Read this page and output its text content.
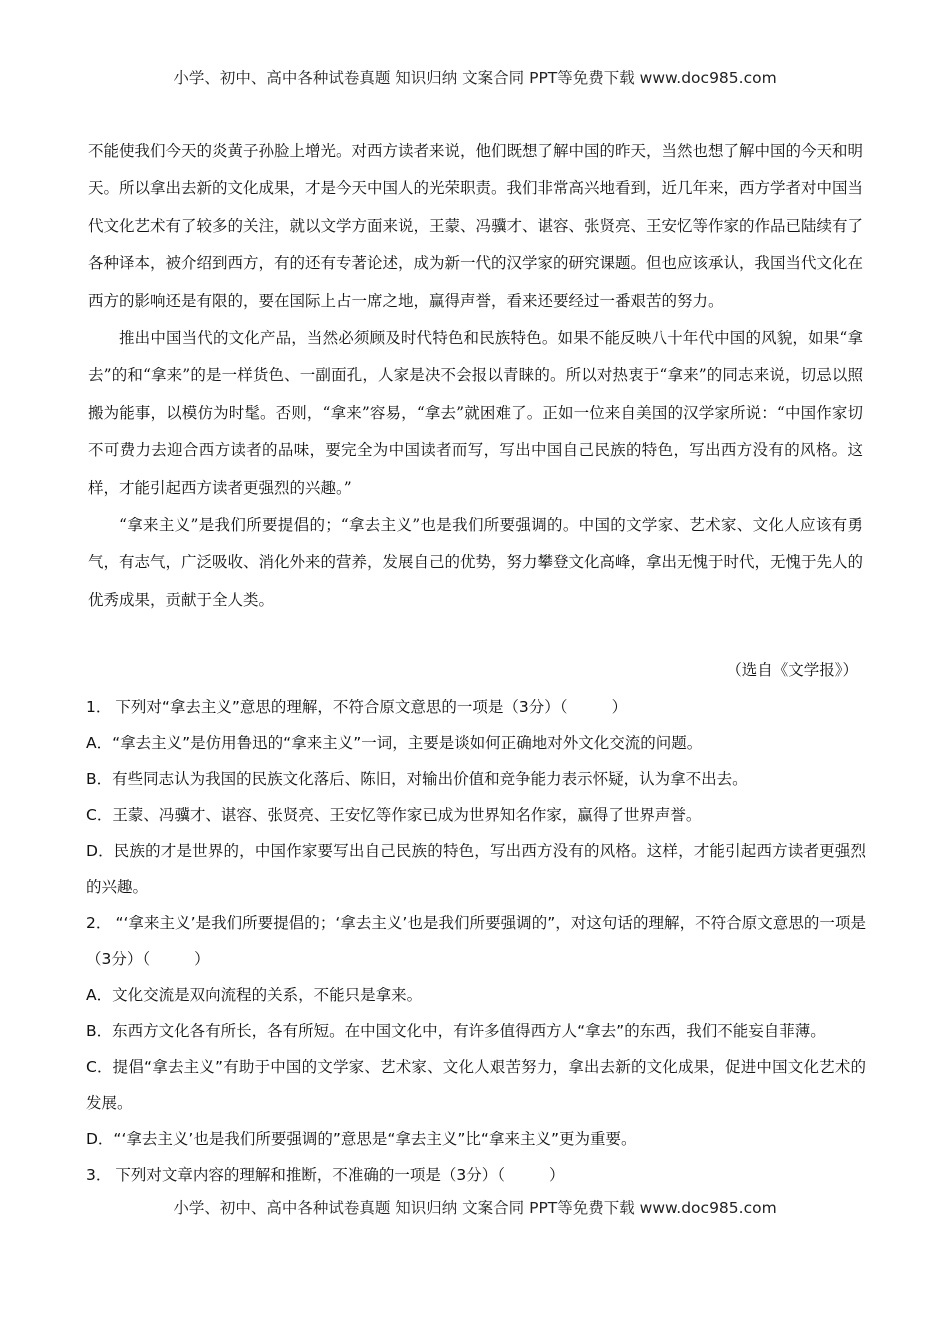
小学、初中、高中各种试卷真题 知识归纳 文案合同 PPT等免费下载 www.doc985.com

不能使我们今天的炎黄子孙脸上增光。对西方读者来说，他们既想了解中国的昨天，当然也想了解中国的今天和明天。所以拿出去新的文化成果，才是今天中国人的光荣职责。我们非常高兴地看到，近几年来，西方学者对中国当代文化艺术有了较多的关注，就以文学方面来说，王蒙、冯骥才、谌容、张贤亮、王安忆等作家的作品已陆续有了各种译本，被介绍到西方，有的还有专著论述，成为新一代的汉学家的研究课题。但也应该承认，我国当代文化在西方的影响还是有限的，要在国际上占一席之地，赢得声誉，看来还要经过一番艰苦的努力。

推出中国当代的文化产品，当然必须顾及时代特色和民族特色。如果不能反映八十年代中国的风貌，如果“拿去”的和“拿来”的是一样货色、一副面孔，人家是决不会报以青睐的。所以对热衷于“拿来”的同志来说，切忌以照搬为能事，以模仿为时髦。否则，“拿来”容易，“拿去”就困难了。正如一位来自美国的汉学家所说：“中国作家切不可费力去迎合西方读者的品味，要完全为中国读者而写，写出中国自己民族的特色，写出西方没有的风格。这样，才能引起西方读者更强烈的兴趣。”

“拿来主义”是我们所要提倡的；“拿去主义”也是我们所要强调的。中国的文学家、艺术家、文化人应该有勇气，有志气，广泛吸收、消化外来的营养，发展自己的优势，努力攀登文化高峰，拿出无愧于时代，无愧于先人的优秀成果，贡献于全人类。

（选自《文学报》）

1． 下列对“拿去主义”意思的理解，不符合原文意思的一项是（3分）（	）

A．“拿去主义”是仿用鲁迅的“拿来主义”一词，主要是谈如何正确地对外文化交流的问题。

B．有些同志认为我国的民族文化落后、陈旧，对输出价值和竞争能力表示怀疑，认为拿不出去。

C．王蒙、冯骥才、谌容、张贤亮、王安忆等作家已成为世界知名作家，赢得了世界声誉。

D．民族的才是世界的，中国作家要写出自己民族的特色，写出西方没有的风格。这样，才能引起西方读者更强烈的兴趣。

2． “‘拿来主义’是我们所要提倡的；‘拿去主义’也是我们所要强调的”，对这句话的理解，不符合原文意思的一项是（3分）（	）

A．文化交流是双向流程的关系，不能只是拿来。

B．东西方文化各有所长，各有所短。在中国文化中，有许多值得西方人“拿去”的东西，我们不能妄自菲薄。

C．提倡“拿去主义”有助于中国的文学家、艺术家、文化人艰苦努力，拿出去新的文化成果，促进中国文化艺术的发展。

D．“‘拿去主义’也是我们所要强调的”意思是“拿去主义”比“拿来主义”更为重要。

3． 下列对文章内容的理解和推断，不准确的一项是（3分）（	）

小学、初中、高中各种试卷真题 知识归纳 文案合同 PPT等免费下载 www.doc985.com
